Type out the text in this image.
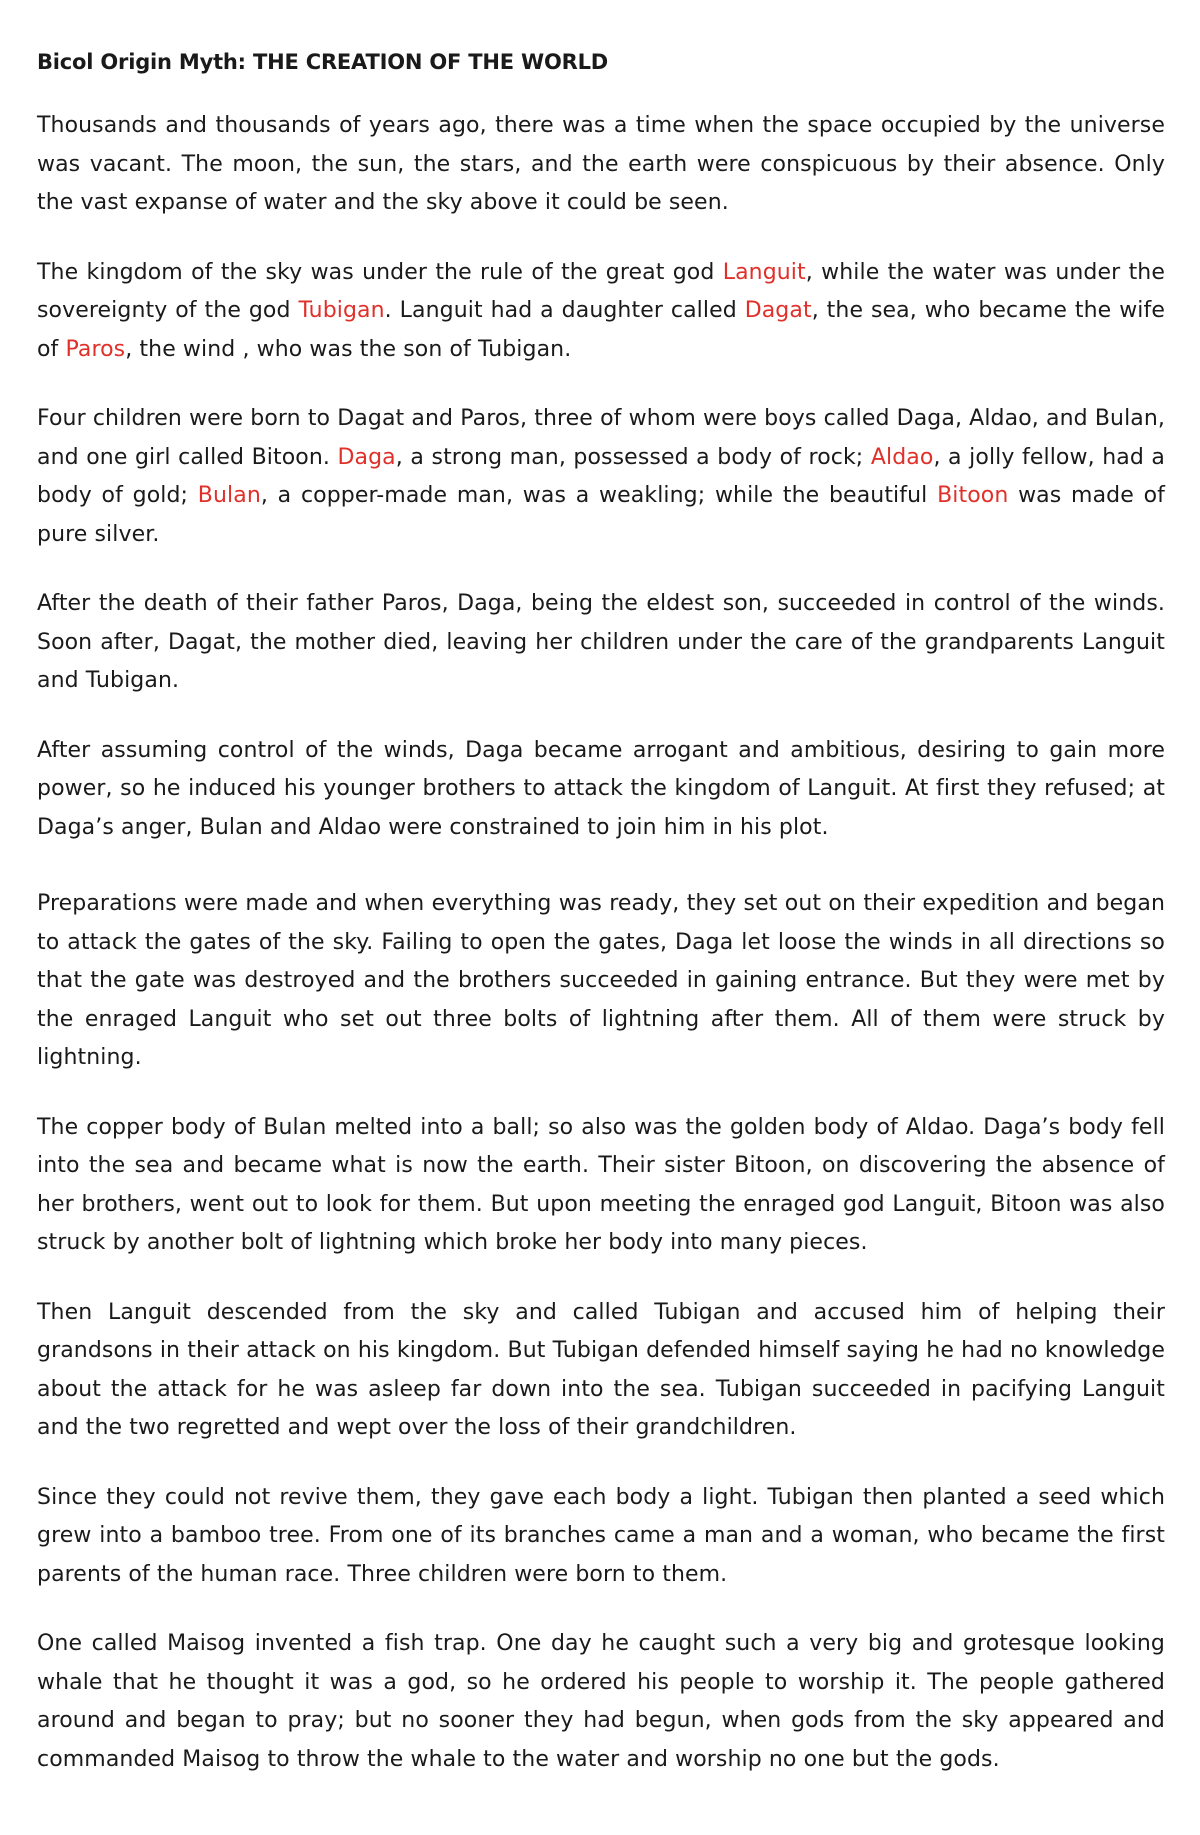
Bicol Origin Myth: THE CREATION OF THE WORLD

Thousands and thousands of years ago, there was a time when the space occupied by the universe was vacant. The moon, the sun, the stars, and the earth were conspicuous by their absence. Only the vast expanse of water and the sky above it could be seen.

The kingdom of the sky was under the rule of the great god Languit, while the water was under the sovereignty of the god Tubigan. Languit had a daughter called Dagat, the sea, who became the wife of Paros, the wind , who was the son of Tubigan.

Four children were born to Dagat and Paros, three of whom were boys called Daga, Aldao, and Bulan, and one girl called Bitoon. Daga, a strong man, possessed a body of rock; Aldao, a jolly fellow, had a body of gold; Bulan, a copper-made man, was a weakling; while the beautiful Bitoon was made of pure silver.

After the death of their father Paros, Daga, being the eldest son, succeeded in control of the winds. Soon after, Dagat, the mother died, leaving her children under the care of the grandparents Languit and Tubigan.

After assuming control of the winds, Daga became arrogant and ambitious, desiring to gain more power, so he induced his younger brothers to attack the kingdom of Languit. At first they refused; at Daga’s anger, Bulan and Aldao were constrained to join him in his plot.

Preparations were made and when everything was ready, they set out on their expedition and began to attack the gates of the sky. Failing to open the gates, Daga let loose the winds in all directions so that the gate was destroyed and the brothers succeeded in gaining entrance. But they were met by the enraged Languit who set out three bolts of lightning after them. All of them were struck by lightning.

The copper body of Bulan melted into a ball; so also was the golden body of Aldao. Daga’s body fell into the sea and became what is now the earth. Their sister Bitoon, on discovering the absence of her brothers, went out to look for them. But upon meeting the enraged god Languit, Bitoon was also struck by another bolt of lightning which broke her body into many pieces.

Then Languit descended from the sky and called Tubigan and accused him of helping their grandsons in their attack on his kingdom. But Tubigan defended himself saying he had no knowledge about the attack for he was asleep far down into the sea. Tubigan succeeded in pacifying Languit and the two regretted and wept over the loss of their grandchildren.

Since they could not revive them, they gave each body a light. Tubigan then planted a seed which grew into a bamboo tree. From one of its branches came a man and a woman, who became the first parents of the human race. Three children were born to them.

One called Maisog invented a fish trap. One day he caught such a very big and grotesque looking whale that he thought it was a god, so he ordered his people to worship it. The people gathered around and began to pray; but no sooner they had begun, when gods from the sky appeared and commanded Maisog to throw the whale to the water and worship no one but the gods.
